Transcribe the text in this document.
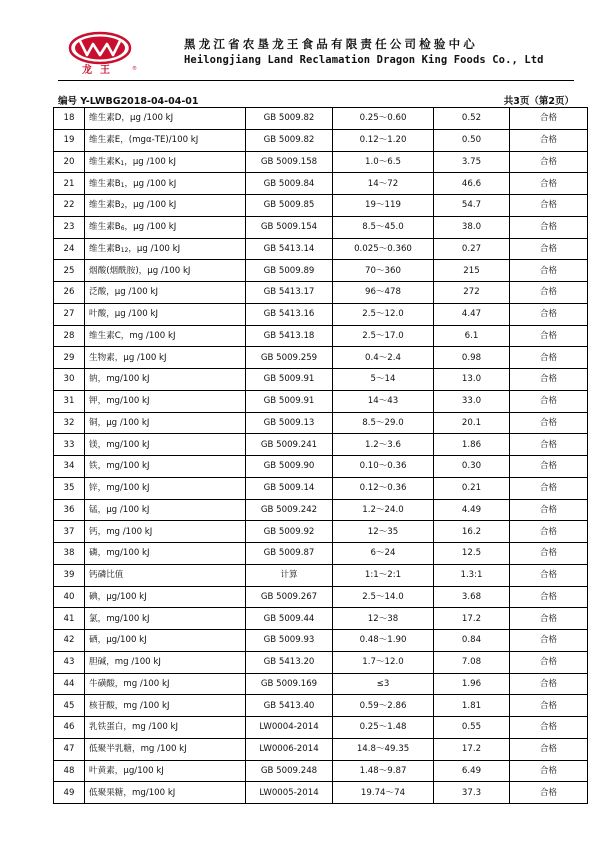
龙王	®
黑龙江省农垦龙王食品有限责任公司检验中心
Heilongjiang Land Reclamation Dragon King Foods Co., Ltd
编号 Y-LWBG2018-04-04-01	共3页（第2页）
18	维生素D，μg /100 kJ	GB 5009.82	0.25～0.60	0.52	合格
19	维生素E，(mgα-TE)/100 kJ	GB 5009.82	0.12～1.20	0.50	合格
20	维生素$K_1$，μg /100 kJ	GB 5009.158	1.0～6.5	3.75	合格
21	维生素$B_1$，μg /100 kJ	GB 5009.84	14～72	46.6	合格
22	维生素$B_2$，μg /100 kJ	GB 5009.85	19～119	54.7	合格
23	维生素$B_6$，μg /100 kJ	GB 5009.154	8.5～45.0	38.0	合格
24	维生素$B_{12}$，μg /100 kJ	GB 5413.14	0.025～0.360	0.27	合格
25	烟酸(烟酰胺)，μg /100 kJ	GB 5009.89	70～360	215	合格
26	泛酸，μg /100 kJ	GB 5413.17	96～478	272	合格
27	叶酸，μg /100 kJ	GB 5413.16	2.5～12.0	4.47	合格
28	维生素C，mg /100 kJ	GB 5413.18	2.5～17.0	6.1	合格
29	生物素，μg /100 kJ	GB 5009.259	0.4～2.4	0.98	合格
30	钠，mg/100 kJ	GB 5009.91	5～14	13.0	合格
31	钾，mg/100 kJ	GB 5009.91	14～43	33.0	合格
32	铜，μg /100 kJ	GB 5009.13	8.5～29.0	20.1	合格
33	镁，mg/100 kJ	GB 5009.241	1.2～3.6	1.86	合格
34	铁，mg/100 kJ	GB 5009.90	0.10～0.36	0.30	合格
35	锌，mg/100 kJ	GB 5009.14	0.12～0.36	0.21	合格
36	锰，μg /100 kJ	GB 5009.242	1.2～24.0	4.49	合格
37	钙，mg /100 kJ	GB 5009.92	12～35	16.2	合格
38	磷，mg/100 kJ	GB 5009.87	6～24	12.5	合格
39	钙磷比值	计算	1:1～2:1	1.3:1	合格
40	碘，μg/100 kJ	GB 5009.267	2.5～14.0	3.68	合格
41	氯，mg/100 kJ	GB 5009.44	12～38	17.2	合格
42	硒，μg/100 kJ	GB 5009.93	0.48～1.90	0.84	合格
43	胆碱，mg /100 kJ	GB 5413.20	1.7～12.0	7.08	合格
44	牛磺酸，mg /100 kJ	GB 5009.169	≤3	1.96	合格
45	核苷酸，mg /100 kJ	GB 5413.40	0.59～2.86	1.81	合格
46	乳铁蛋白，mg /100 kJ	LW0004-2014	0.25～1.48	0.55	合格
47	低聚半乳糖，mg /100 kJ	LW0006-2014	14.8～49.35	17.2	合格
48	叶黄素，μg/100 kJ	GB 5009.248	1.48～9.87	6.49	合格
49	低聚果糖，mg/100 kJ	LW0005-2014	19.74～74	37.3	合格
